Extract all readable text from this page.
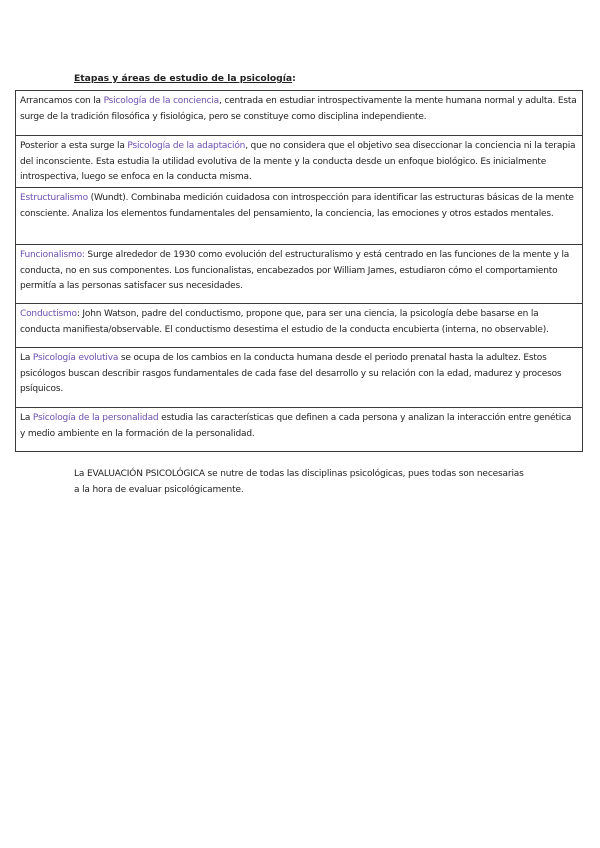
Etapas y áreas de estudio de la psicología:

Arrancamos con la Psicología de la conciencia, centrada en estudiar introspectivamente la mente humana normal y adulta. Esta surge de la tradición filosófica y fisiológica, pero se constituye como disciplina independiente.
Posterior a esta surge la Psicología de la adaptación, que no considera que el objetivo sea diseccionar la conciencia ni la terapia del inconsciente. Esta estudia la utilidad evolutiva de la mente y la conducta desde un enfoque biológico. Es inicialmente introspectiva, luego se enfoca en la conducta misma.
Estructuralismo (Wundt). Combinaba medición cuidadosa con introspección para identificar las estructuras básicas de la mente consciente. Analiza los elementos fundamentales del pensamiento, la conciencia, las emociones y otros estados mentales.
Funcionalismo: Surge alrededor de 1930 como evolución del estructuralismo y está centrado en las funciones de la mente y la conducta, no en sus componentes. Los funcionalistas, encabezados por William James, estudiaron cómo el comportamiento permitía a las personas satisfacer sus necesidades.
Conductismo: John Watson, padre del conductismo, propone que, para ser una ciencia, la psicología debe basarse en la conducta manifiesta/observable. El conductismo desestima el estudio de la conducta encubierta (interna, no observable).
La Psicología evolutiva se ocupa de los cambios en la conducta humana desde el periodo prenatal hasta la adultez. Estos psicólogos buscan describir rasgos fundamentales de cada fase del desarrollo y su relación con la edad, madurez y procesos psíquicos.
La Psicología de la personalidad estudia las características que definen a cada persona y analizan la interacción entre genética y medio ambiente en la formación de la personalidad.

La EVALUACIÓN PSICOLÓGICA se nutre de todas las disciplinas psicológicas, pues todas son necesarias a la hora de evaluar psicológicamente.
